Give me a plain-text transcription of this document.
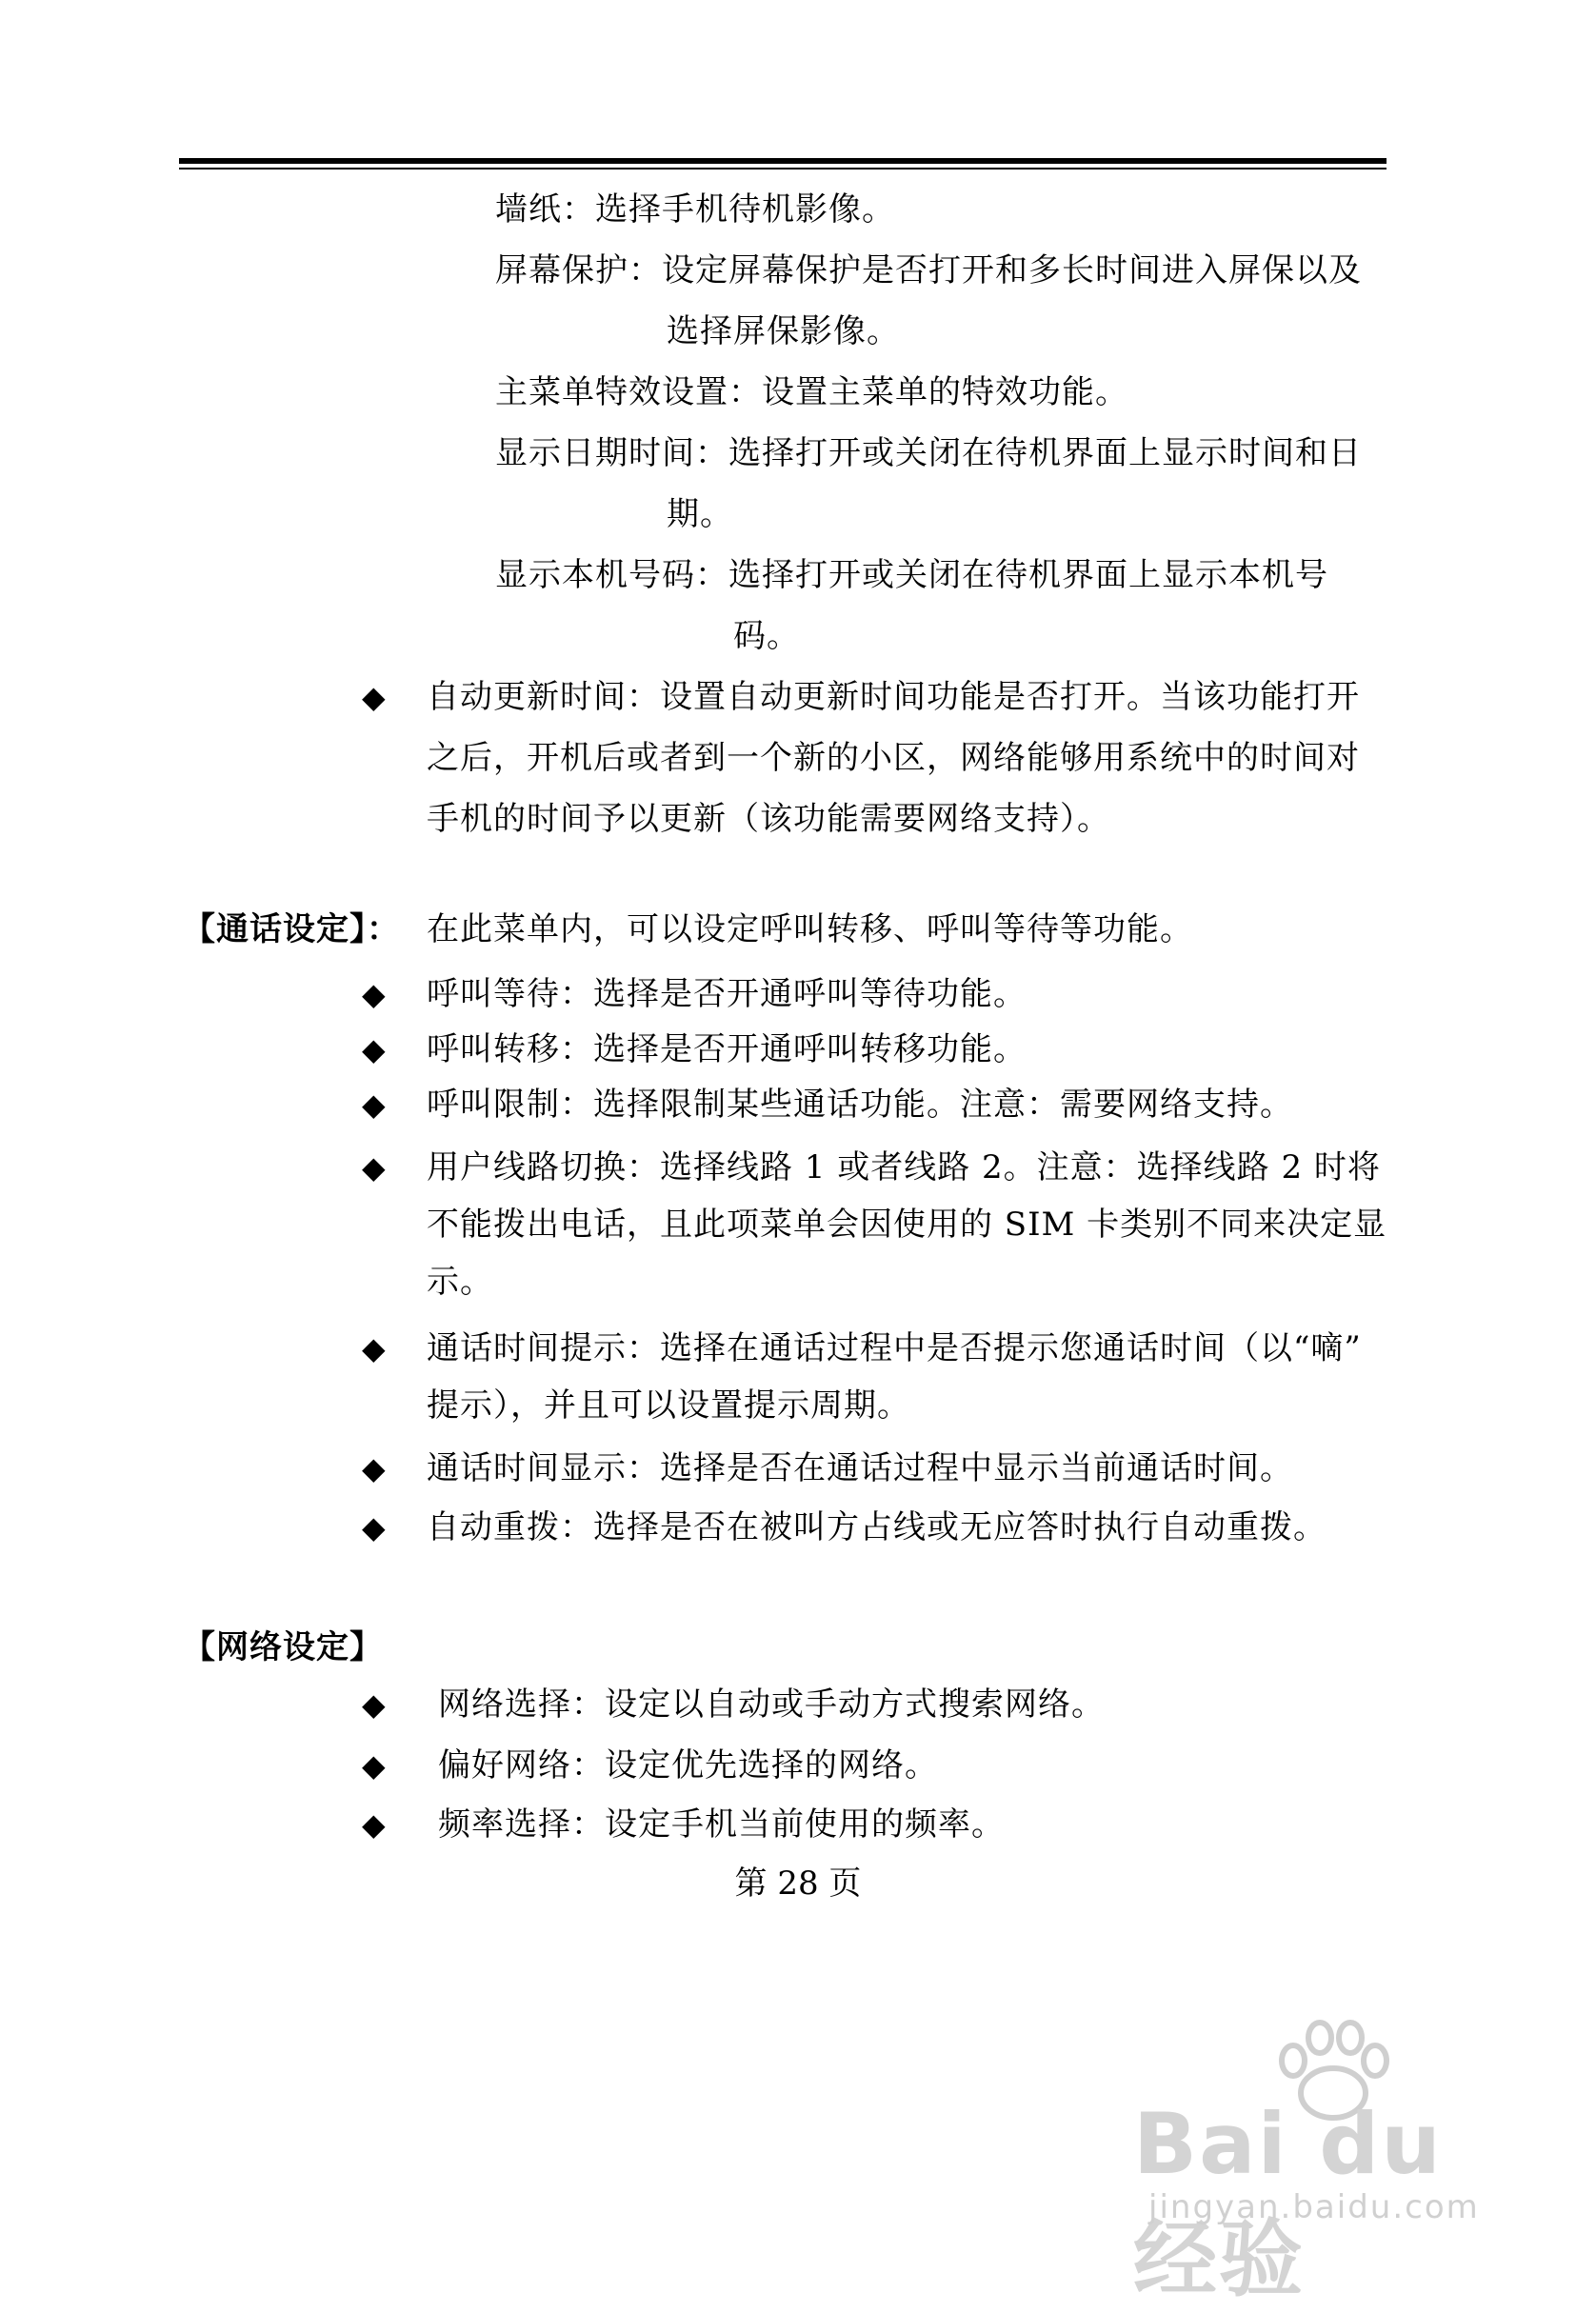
墙纸：选择手机待机影像。
屏幕保护：设定屏幕保护是否打开和多长时间进入屏保以及
选择屏保影像。
主菜单特效设置：设置主菜单的特效功能。
显示日期时间：选择打开或关闭在待机界面上显示时间和日
期。
显示本机号码：选择打开或关闭在待机界面上显示本机号
码。
◆ 自动更新时间：设置自动更新时间功能是否打开。当该功能打开
之后，开机后或者到一个新的小区，网络能够用系统中的时间对
手机的时间予以更新（该功能需要网络支持）。
【通话设定】： 在此菜单内，可以设定呼叫转移、呼叫等待等功能。
◆ 呼叫等待：选择是否开通呼叫等待功能。
◆ 呼叫转移：选择是否开通呼叫转移功能。
◆ 呼叫限制：选择限制某些通话功能。注意：需要网络支持。
◆ 用户线路切换：选择线路 1 或者线路 2。注意：选择线路 2 时将
不能拨出电话，且此项菜单会因使用的 SIM 卡类别不同来决定显
示。
◆ 通话时间提示：选择在通话过程中是否提示您通话时间（以“嘀”
提示），并且可以设置提示周期。
◆ 通话时间显示：选择是否在通话过程中显示当前通话时间。
◆ 自动重拨：选择是否在被叫方占线或无应答时执行自动重拨。
【网络设定】
◆ 网络选择：设定以自动或手动方式搜索网络。
◆ 偏好网络：设定优先选择的网络。
◆ 频率选择：设定手机当前使用的频率。
第 28 页
Bai du 经验
jingyan.baidu.com
